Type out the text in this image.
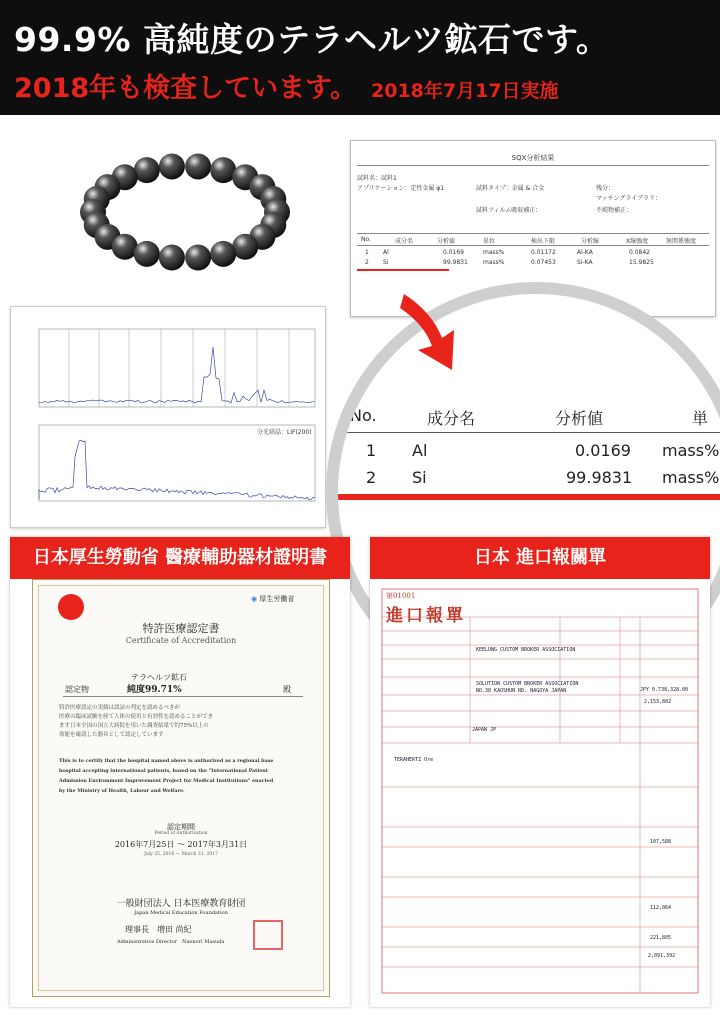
99.9% 高純度のテラヘルツ鉱石です。
2018年も検査しています。 2018年7月17日実施
SQX分析結果
試料名：試料1
アプリケーション：定性金属 φ1	試料タイプ：金属 & 合金	残分：
マッチングライブラリ：
試料フィルム吸収補正：	不純物補正：
No.	成分名	分析値	単位	検出下限	分析線	X線強度	無関係強度
1 Al	0.0169	mass%	0.01172	Al-KA	0.0842
2 Si	99.9831	mass%	0.07453	Si-KA	15.9825
分光結晶：LiF(200)
No.	成分名	分析値	単
1 Al	0.0169 mass%
2 Si	99.9831 mass%
日本厚生勞動省 醫療輔助器材證明書
◉ 厚生労働省
特許医療認定書
Certificate of Accreditation
テラヘルツ鉱石
認定物	純度99.71%	殿
特許医療認定の実績は認証の判定を認めるべきが
医療の臨床試験を経て人体の使用と有効性を認めることができ
ます日本全国の国立大病院を用いた調査結果で約75%以上の
効能を確認した器具として認定しています
This is to certify that the hospital named above is authorized as a regional base
hospital accepting international patients, based on the "International Patient
Admission Environment Improvement Project for Medical Institutions" enacted
by the Ministry of Health, Labour and Welfare.
認定期間
Period of Authorization
2016年7月25日 〜 2017年3月31日
July 25, 2016 — March 31, 2017
一般財団法人 日本医療教育財団
Japan Medical Education Foundation
理事長　増田 尚紀
Administrative Director　Naonori Masuda
日本 進口報關單
第01001
進口報單
KEELUNG CUSTOM BROKER ASSOCIATION
SOLUTION CUSTOM BROKER ASSOCIATION
NO.38 KAOSHUN RD. NAGOYA JAPAN	JPY 0.738,328.00
JAPAN JP
TERAHERTZ Ore
2,153,802
107,588
112,064
221,805
2,091,392
